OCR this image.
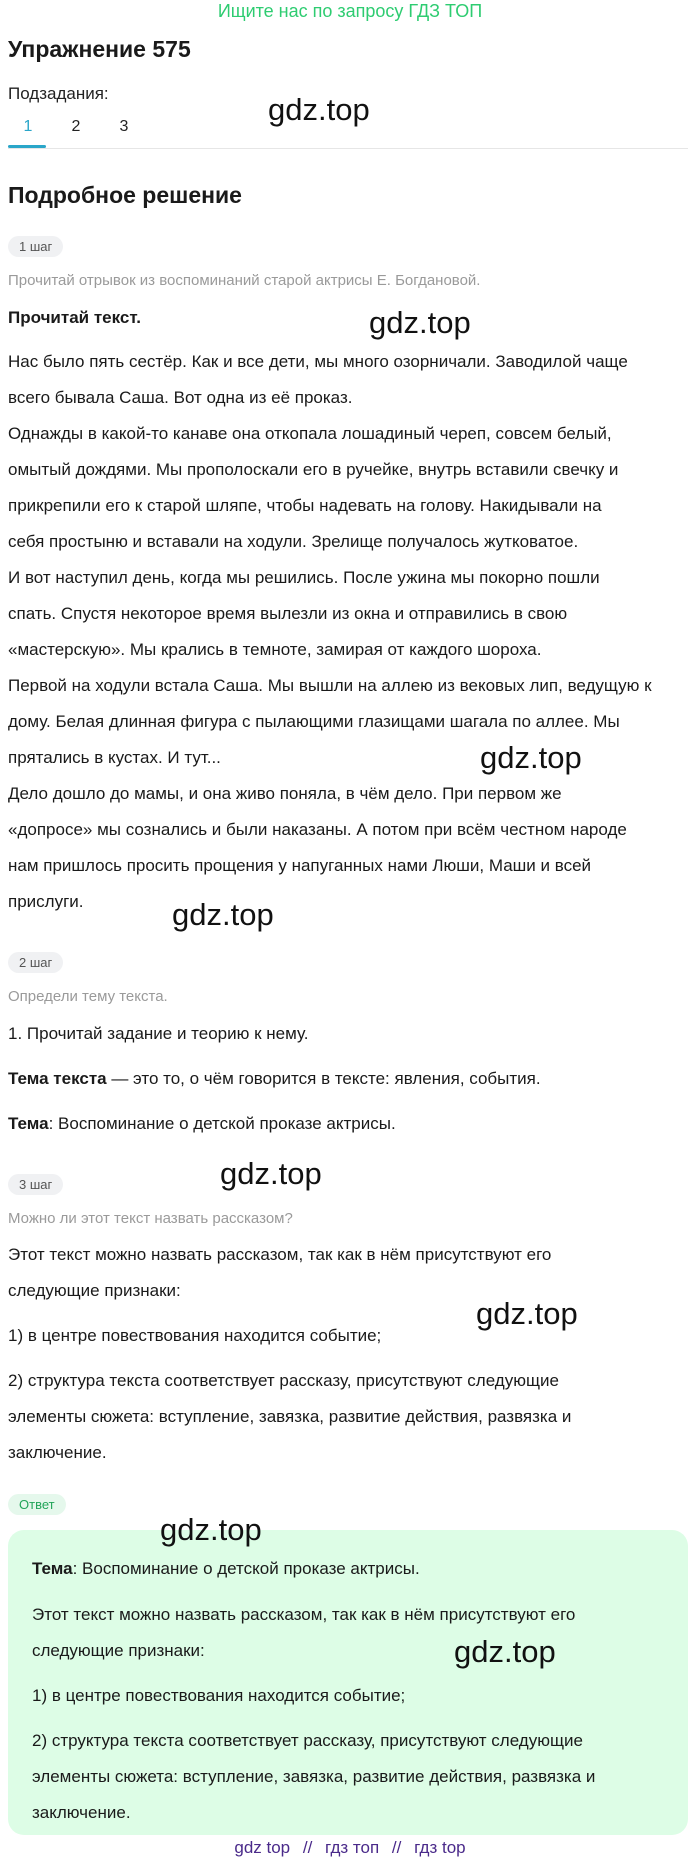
Ищите нас по запросу ГДЗ ТОП
Упражнение 575
Подзадания:
1	2	3
Подробное решение
1 шаг
Прочитай отрывок из воспоминаний старой актрисы Е. Богдановой.
Прочитай текст.
Нас было пять сестёр. Как и все дети, мы много озорничали. Заводилой чаще
всего бывала Саша. Вот одна из её проказ.
Однажды в какой-то канаве она откопала лошадиный череп, совсем белый,
омытый дождями. Мы прополоскали его в ручейке, внутрь вставили свечку и
прикрепили его к старой шляпе, чтобы надевать на голову. Накидывали на
себя простыню и вставали на ходули. Зрелище получалось жутковатое.
И вот наступил день, когда мы решились. После ужина мы покорно пошли
спать. Спустя некоторое время вылезли из окна и отправились в свою
«мастерскую». Мы крались в темноте, замирая от каждого шороха.
Первой на ходули встала Саша. Мы вышли на аллею из вековых лип, ведущую к
дому. Белая длинная фигура с пылающими глазищами шагала по аллее. Мы
прятались в кустах. И тут...
Дело дошло до мамы, и она живо поняла, в чём дело. При первом же
«допросе» мы сознались и были наказаны. А потом при всём честном народе
нам пришлось просить прощения у напуганных нами Люши, Маши и всей
прислуги.
2 шаг
Определи тему текста.
1. Прочитай задание и теорию к нему.
Тема текста — это то, о чём говорится в тексте: явления, события.
Тема: Воспоминание о детской проказе актрисы.
3 шаг
Можно ли этот текст назвать рассказом?
Этот текст можно назвать рассказом, так как в нём присутствуют его
следующие признаки:
1) в центре повествования находится событие;
2) структура текста соответствует рассказу, присутствуют следующие
элементы сюжета: вступление, завязка, развитие действия, развязка и
заключение.
Ответ
Тема: Воспоминание о детской проказе актрисы.
Этот текст можно назвать рассказом, так как в нём присутствуют его
следующие признаки:
1) в центре повествования находится событие;
2) структура текста соответствует рассказу, присутствуют следующие
элементы сюжета: вступление, завязка, развитие действия, развязка и
заключение.
gdz.top
gdz.top
gdz.top
gdz.top
gdz.top
gdz.top
gdz.top
gdz.top
gdz top // гдз топ // гдз top
